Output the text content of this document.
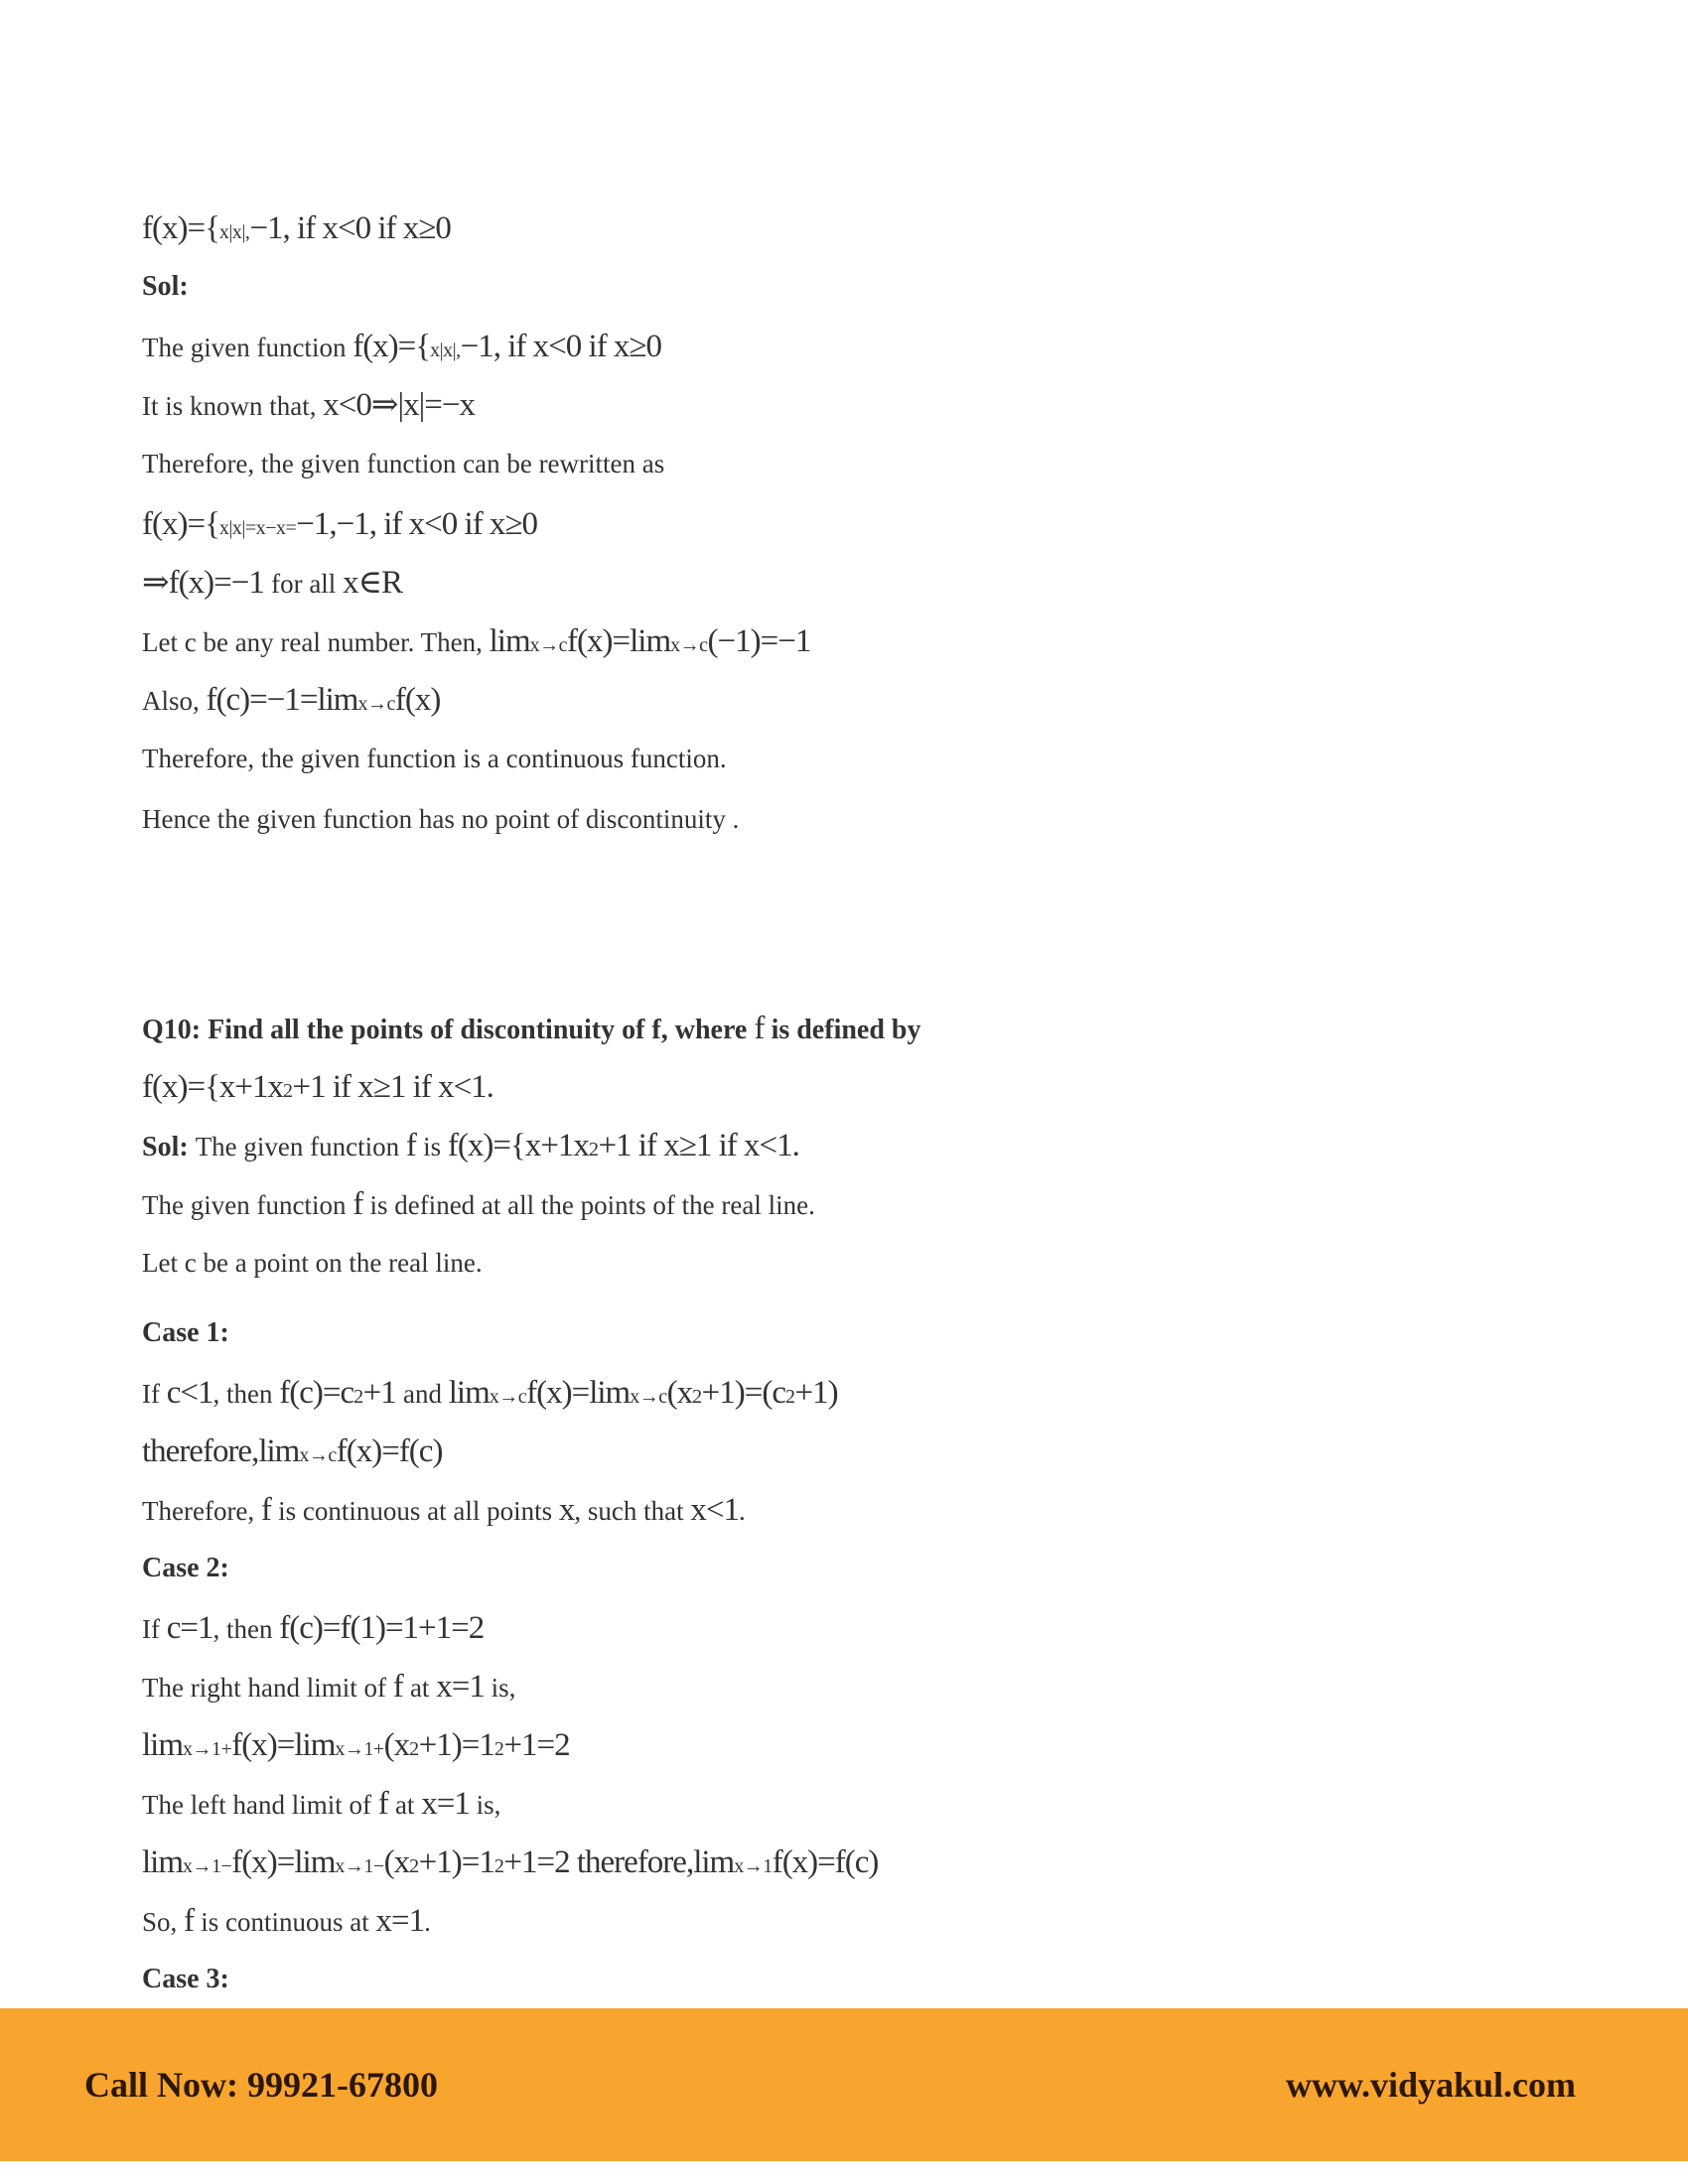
f(x)={x|x|,−1, if x<0 if x≥0
Sol:
The given function f(x)={x|x|,−1, if x<0 if x≥0
It is known that, x<0⇒|x|=−x
Therefore, the given function can be rewritten as
f(x)={x|x|=x−x=−1,−1, if x<0 if x≥0
⇒f(x)=−1 for all x∈R
Let c be any real number. Then, limx→cf(x)=limx→c(−1)=−1
Also, f(c)=−1=limx→cf(x)
Therefore, the given function is a continuous function.
Hence the given function has no point of discontinuity .
Q10: Find all the points of discontinuity of f, where f is defined by
f(x)={x+1x2+1 if x≥1 if x<1.
Sol: The given function f is f(x)={x+1x2+1 if x≥1 if x<1.
The given function f is defined at all the points of the real line.
Let c be a point on the real line.
Case 1:
If c<1, then f(c)=c2+1 and limx→cf(x)=limx→c(x2+1)=(c2+1)
therefore,limx→cf(x)=f(c)
Therefore, f is continuous at all points x, such that x<1.
Case 2:
If c=1, then f(c)=f(1)=1+1=2
The right hand limit of f at x=1 is,
limx→1+f(x)=limx→1+(x2+1)=12+1=2
The left hand limit of f at x=1 is,
limx→1−f(x)=limx→1−(x2+1)=12+1=2 therefore,limx→1f(x)=f(c)
So, f is continuous at x=1.
Case 3:
Call Now: 99921-67800	www.vidyakul.com
